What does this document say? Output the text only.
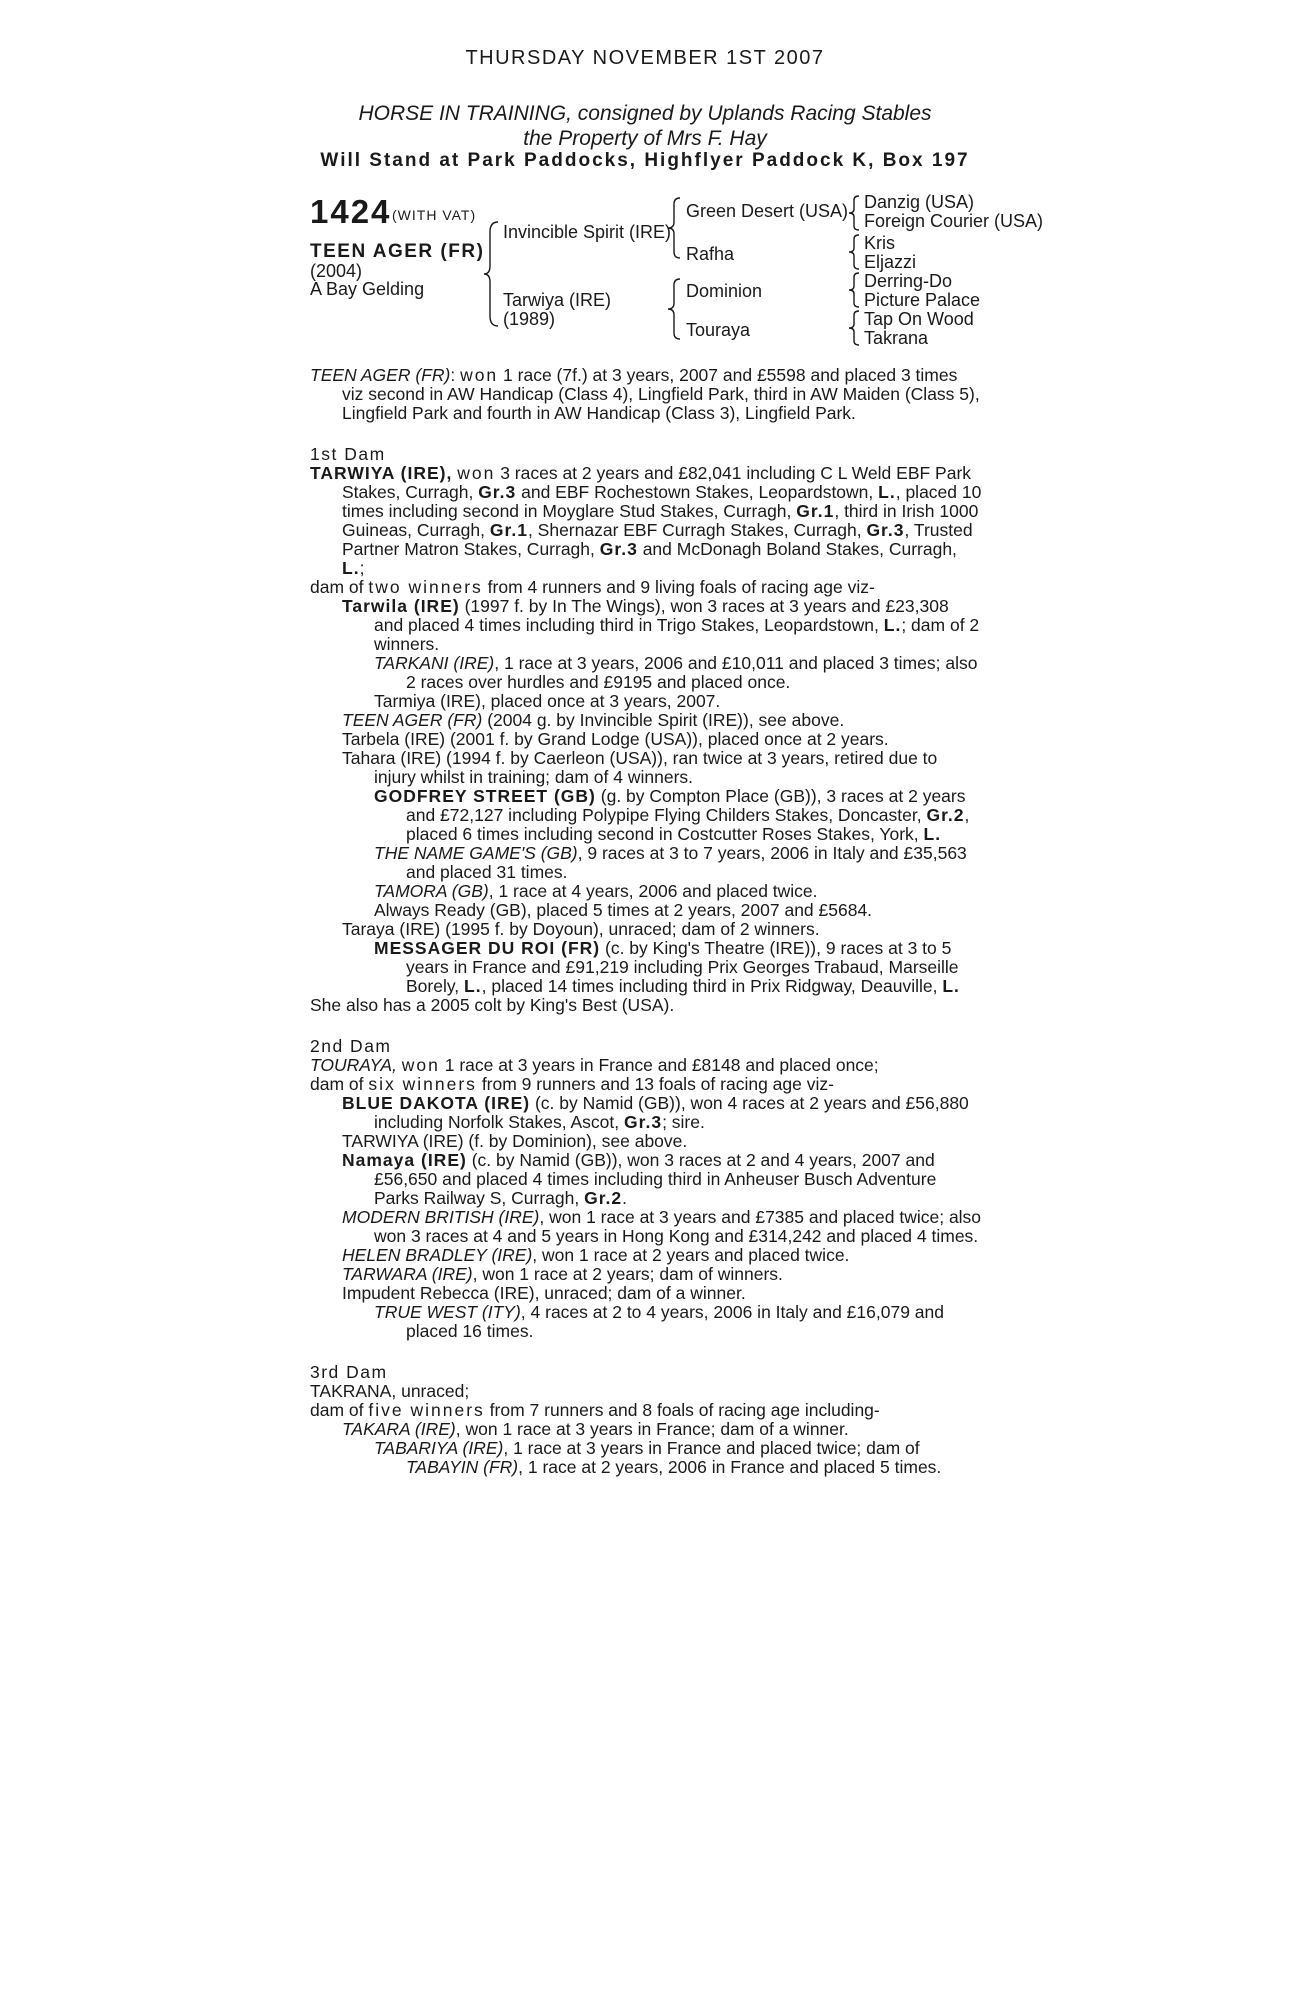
THURSDAY NOVEMBER 1ST 2007
HORSE IN TRAINING, consigned by Uplands Racing Stables
the Property of Mrs F. Hay
Will Stand at Park Paddocks, Highflyer Paddock K, Box 197
1424 (WITH VAT)
TEEN AGER (FR)
(2004)
A Bay Gelding
Invincible Spirit (IRE)
Tarwiya (IRE)
(1989)
Green Desert (USA)
Rafha
Dominion
Touraya
Danzig (USA)
Foreign Courier (USA)
Kris
Eljazzi
Derring-Do
Picture Palace
Tap On Wood
Takrana

TEEN AGER (FR): won 1 race (7f.) at 3 years, 2007 and £5598 and placed 3 times viz second in AW Handicap (Class 4), Lingfield Park, third in AW Maiden (Class 5), Lingfield Park and fourth in AW Handicap (Class 3), Lingfield Park.

1st Dam

TARWIYA (IRE), won 3 races at 2 years and £82,041 including C L Weld EBF Park Stakes, Curragh, Gr.3 and EBF Rochestown Stakes, Leopardstown, L., placed 10 times including second in Moyglare Stud Stakes, Curragh, Gr.1, third in Irish 1000 Guineas, Curragh, Gr.1, Shernazar EBF Curragh Stakes, Curragh, Gr.3, Trusted Partner Matron Stakes, Curragh, Gr.3 and McDonagh Boland Stakes, Curragh, L.;

dam of two winners from 4 runners and 9 living foals of racing age viz-

Tarwila (IRE) (1997 f. by In The Wings), won 3 races at 3 years and £23,308 and placed 4 times including third in Trigo Stakes, Leopardstown, L.; dam of 2 winners.

TARKANI (IRE), 1 race at 3 years, 2006 and £10,011 and placed 3 times; also 2 races over hurdles and £9195 and placed once.

Tarmiya (IRE), placed once at 3 years, 2007.

TEEN AGER (FR) (2004 g. by Invincible Spirit (IRE)), see above.

Tarbela (IRE) (2001 f. by Grand Lodge (USA)), placed once at 2 years.

Tahara (IRE) (1994 f. by Caerleon (USA)), ran twice at 3 years, retired due to injury whilst in training; dam of 4 winners.

GODFREY STREET (GB) (g. by Compton Place (GB)), 3 races at 2 years and £72,127 including Polypipe Flying Childers Stakes, Doncaster, Gr.2, placed 6 times including second in Costcutter Roses Stakes, York, L.

THE NAME GAME'S (GB), 9 races at 3 to 7 years, 2006 in Italy and £35,563 and placed 31 times.

TAMORA (GB), 1 race at 4 years, 2006 and placed twice.

Always Ready (GB), placed 5 times at 2 years, 2007 and £5684.

Taraya (IRE) (1995 f. by Doyoun), unraced; dam of 2 winners.

MESSAGER DU ROI (FR) (c. by King's Theatre (IRE)), 9 races at 3 to 5 years in France and £91,219 including Prix Georges Trabaud, Marseille Borely, L., placed 14 times including third in Prix Ridgway, Deauville, L.

She also has a 2005 colt by King's Best (USA).

2nd Dam

TOURAYA, won 1 race at 3 years in France and £8148 and placed once;

dam of six winners from 9 runners and 13 foals of racing age viz-

BLUE DAKOTA (IRE) (c. by Namid (GB)), won 4 races at 2 years and £56,880 including Norfolk Stakes, Ascot, Gr.3; sire.

TARWIYA (IRE) (f. by Dominion), see above.

Namaya (IRE) (c. by Namid (GB)), won 3 races at 2 and 4 years, 2007 and £56,650 and placed 4 times including third in Anheuser Busch Adventure Parks Railway S, Curragh, Gr.2.

MODERN BRITISH (IRE), won 1 race at 3 years and £7385 and placed twice; also won 3 races at 4 and 5 years in Hong Kong and £314,242 and placed 4 times.

HELEN BRADLEY (IRE), won 1 race at 2 years and placed twice.

TARWARA (IRE), won 1 race at 2 years; dam of winners.

Impudent Rebecca (IRE), unraced; dam of a winner.

TRUE WEST (ITY), 4 races at 2 to 4 years, 2006 in Italy and £16,079 and placed 16 times.

3rd Dam

TAKRANA, unraced;

dam of five winners from 7 runners and 8 foals of racing age including-

TAKARA (IRE), won 1 race at 3 years in France; dam of a winner.

TABARIYA (IRE), 1 race at 3 years in France and placed twice; dam of TABAYIN (FR), 1 race at 2 years, 2006 in France and placed 5 times.
